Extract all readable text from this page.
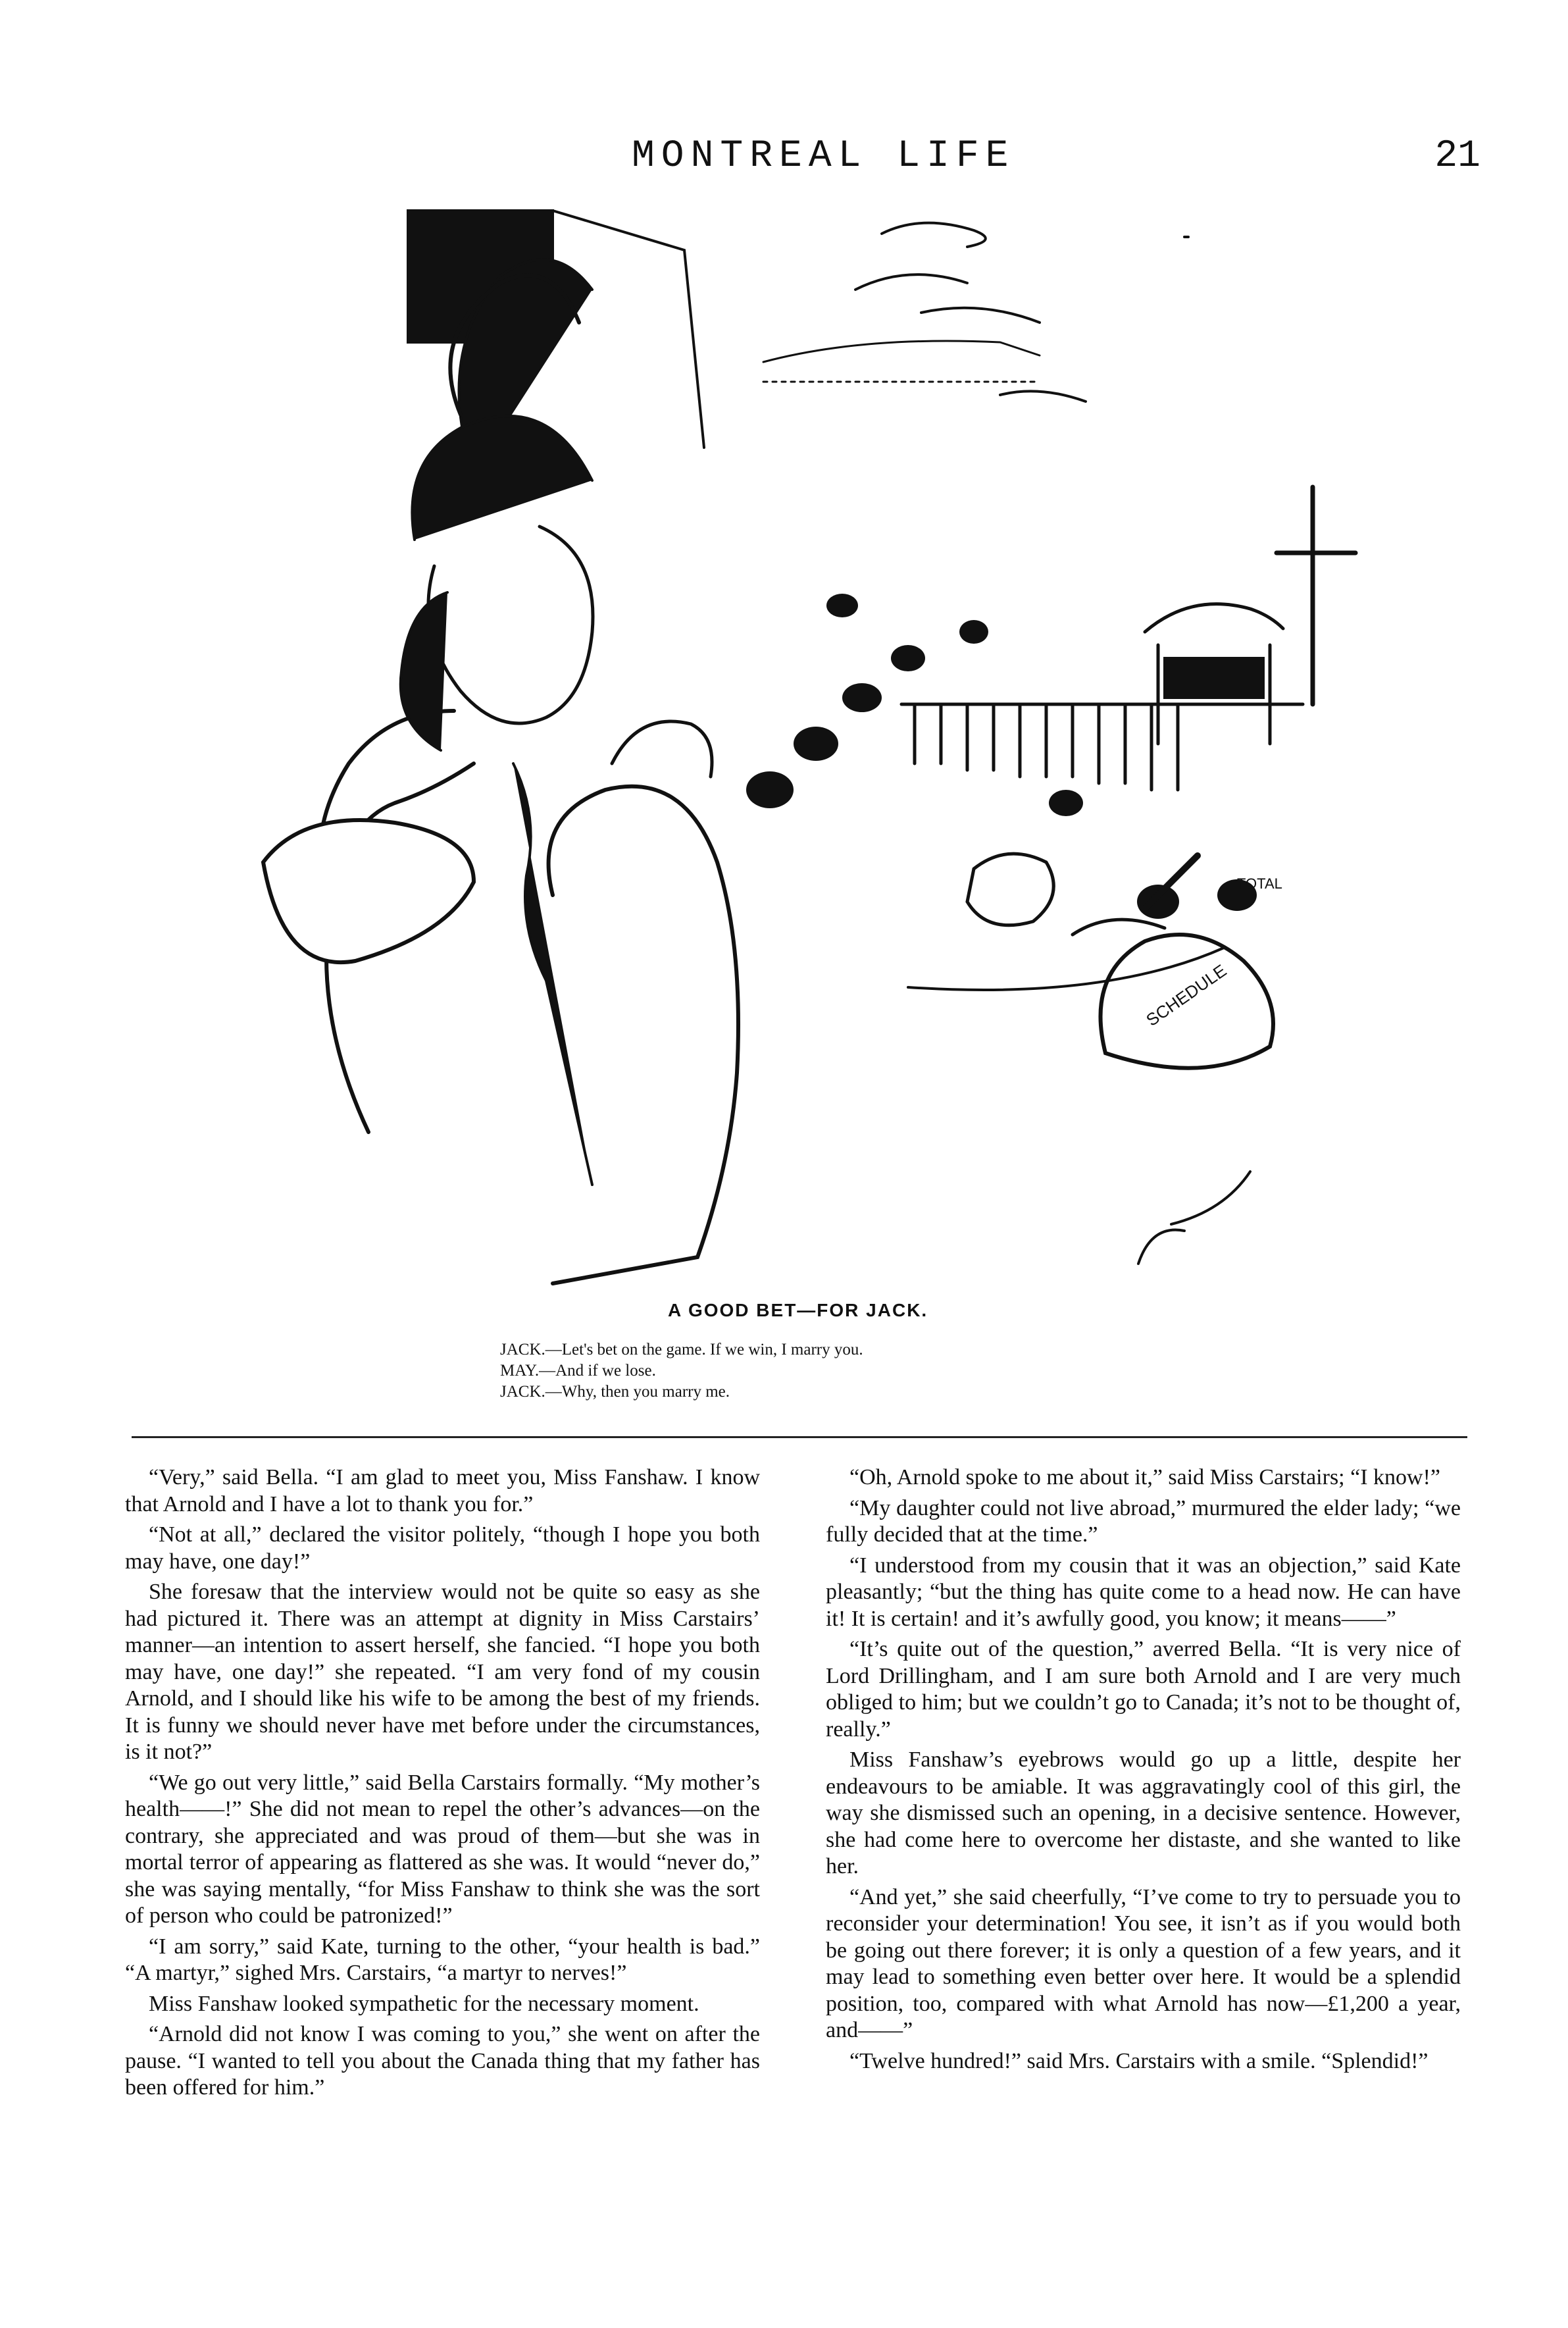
MONTREAL LIFE	21
SCHEDULE
TOTAL
A GOOD BET—FOR JACK.
JACK.—Let's bet on the game. If we win, I marry you.
MAY.—And if we lose.
JACK.—Why, then you marry me.

“Very,” said Bella. “I am glad to meet you, Miss Fanshaw. I know that Arnold and I have a lot to thank you for.”

“Not at all,” declared the visitor politely, “though I hope you both may have, one day!”

She foresaw that the interview would not be quite so easy as she had pictured it. There was an attempt at dignity in Miss Carstairs’ manner—an intention to assert herself, she fancied. “I hope you both may have, one day!” she repeated. “I am very fond of my cousin Arnold, and I should like his wife to be among the best of my friends. It is funny we should never have met before under the circumstances, is it not?”

“We go out very little,” said Bella Carstairs formally. “My mother’s health——!” She did not mean to repel the other’s advances—on the contrary, she appreciated and was proud of them—but she was in mortal terror of appearing as flattered as she was. It would “never do,” she was saying mentally, “for Miss Fanshaw to think she was the sort of person who could be patronized!”

“I am sorry,” said Kate, turning to the other, “your health is bad.” “A martyr,” sighed Mrs. Carstairs, “a martyr to nerves!”

Miss Fanshaw looked sympathetic for the necessary moment.

“Arnold did not know I was coming to you,” she went on after the pause. “I wanted to tell you about the Canada thing that my father has been offered for him.”

“Oh, Arnold spoke to me about it,” said Miss Carstairs; “I know!”

“My daughter could not live abroad,” murmured the elder lady; “we fully decided that at the time.”

“I understood from my cousin that it was an objection,” said Kate pleasantly; “but the thing has quite come to a head now. He can have it! It is certain! and it’s awfully good, you know; it means——”

“It’s quite out of the question,” averred Bella. “It is very nice of Lord Drillingham, and I am sure both Arnold and I are very much obliged to him; but we couldn’t go to Canada; it’s not to be thought of, really.”

Miss Fanshaw’s eyebrows would go up a little, despite her endeavours to be amiable. It was aggravatingly cool of this girl, the way she dismissed such an opening, in a decisive sentence. However, she had come here to overcome her distaste, and she wanted to like her.

“And yet,” she said cheerfully, “I’ve come to try to persuade you to reconsider your determination! You see, it isn’t as if you would both be going out there forever; it is only a question of a few years, and it may lead to something even better over here. It would be a splendid position, too, compared with what Arnold has now—£1,200 a year, and——”

“Twelve hundred!” said Mrs. Carstairs with a smile. “Splendid!”
